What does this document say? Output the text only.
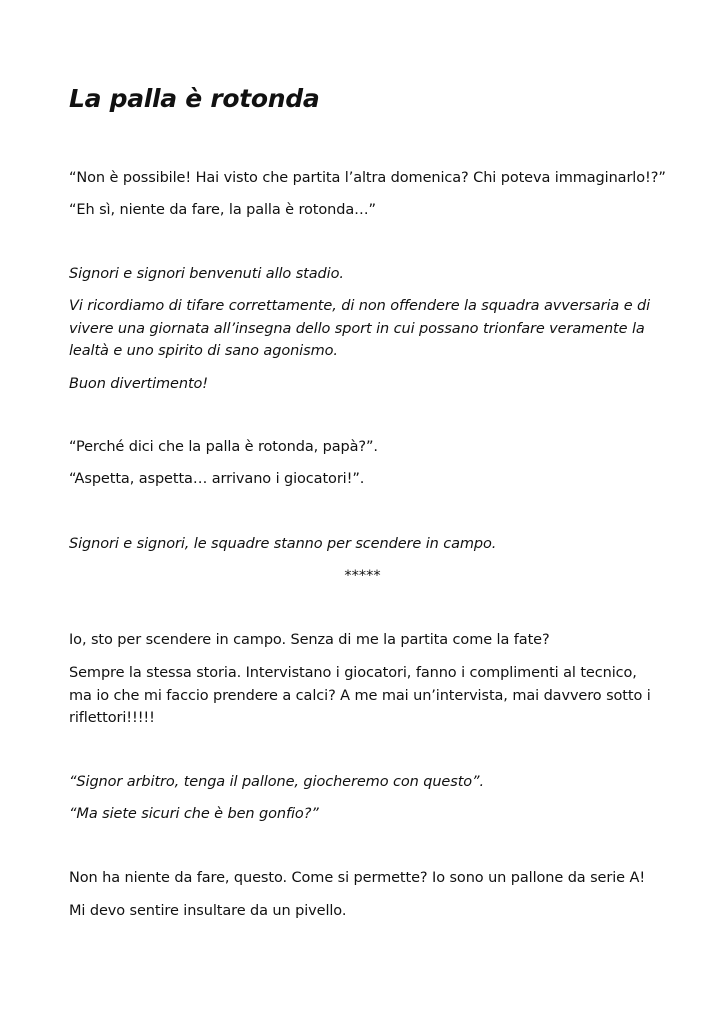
La palla è rotonda

“Non è possibile! Hai visto che partita l’altra domenica? Chi poteva immaginarlo!?”

“Eh sì, niente da fare, la palla è rotonda…”

Signori e signori benvenuti allo stadio.

Vi ricordiamo di tifare correttamente, di non offendere la squadra avversaria e di vivere una giornata all’insegna dello sport in cui possano trionfare veramente la lealtà e uno spirito di sano agonismo.

Buon divertimento!

“Perché dici che la palla è rotonda, papà?”.

“Aspetta, aspetta… arrivano i giocatori!”.

Signori e signori, le squadre stanno per scendere in campo.

*****

Io, sto per scendere in campo. Senza di me la partita come la fate?

Sempre la stessa storia. Intervistano i giocatori, fanno i complimenti al tecnico, ma io che mi faccio prendere a calci? A me mai un’intervista, mai davvero sotto i riflettori!!!!!

“Signor arbitro, tenga il pallone, giocheremo con questo”.

“Ma siete sicuri che è ben gonfio?”

Non ha niente da fare, questo. Come si permette? Io sono un pallone da serie A!

Mi devo sentire insultare da un pivello.
